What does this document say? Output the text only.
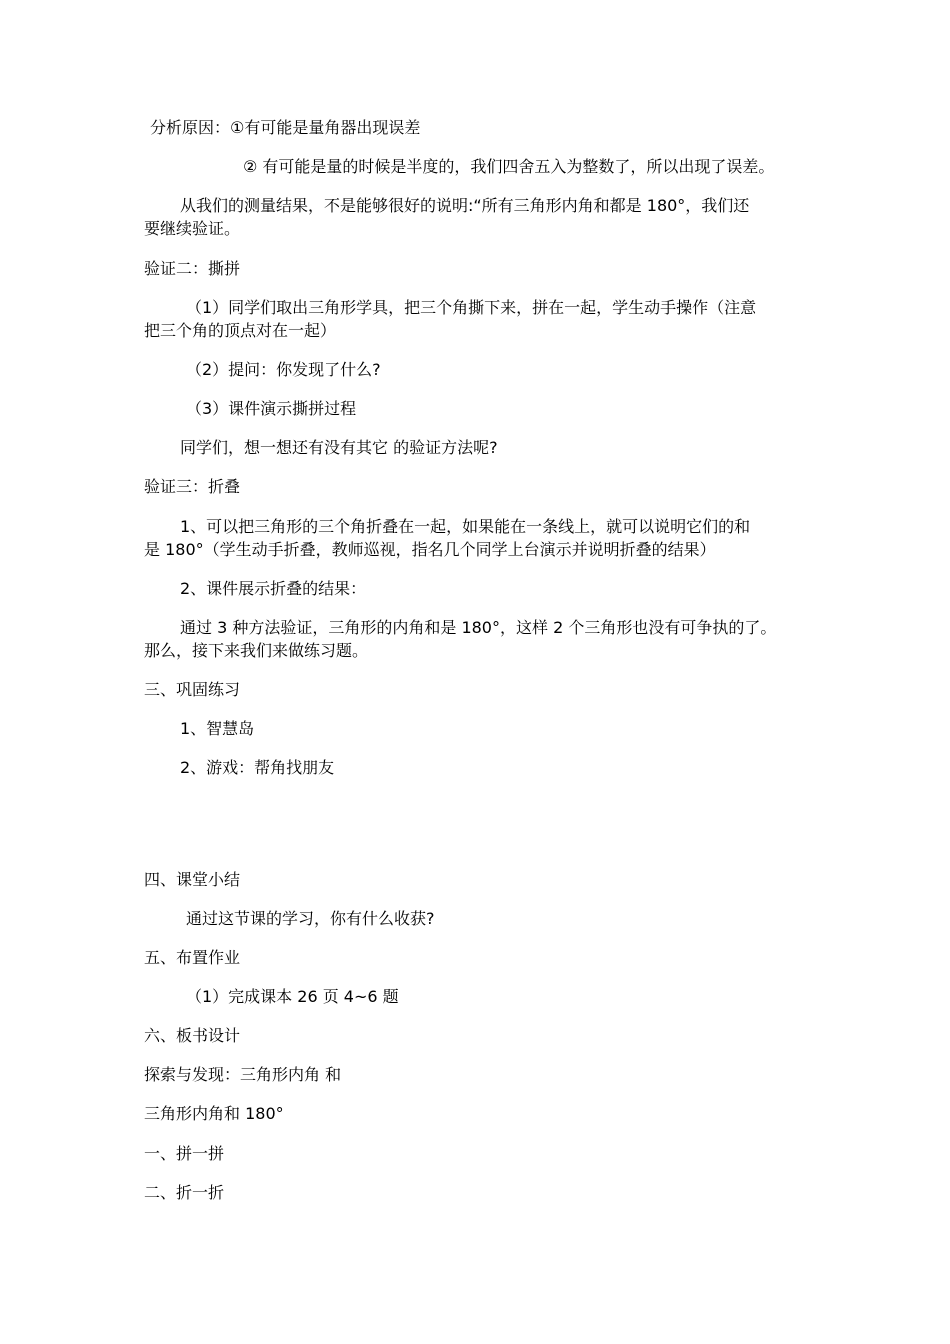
分析原因：①有可能是量角器出现误差

② 有可能是量的时候是半度的，我们四舍五入为整数了，所以出现了误差。

从我们的测量结果，不是能够很好的说明:“所有三角形内角和都是 180°，我们还

要继续验证。

验证二：撕拼

（1）同学们取出三角形学具，把三个角撕下来，拼在一起，学生动手操作（注意

把三个角的顶点对在一起）

（2）提问：你发现了什么?

（3）课件演示撕拼过程

同学们，想一想还有没有其它 的验证方法呢?

验证三：折叠

1、可以把三角形的三个角折叠在一起，如果能在一条线上，就可以说明它们的和

是 180°（学生动手折叠，教师巡视，指名几个同学上台演示并说明折叠的结果）

2、课件展示折叠的结果：

通过 3 种方法验证，三角形的内角和是 180°，这样 2 个三角形也没有可争执的了。

那么，接下来我们来做练习题。

三、巩固练习

1、智慧岛

2、游戏：帮角找朋友

四、课堂小结

通过这节课的学习，你有什么收获?

五、布置作业

（1）完成课本 26 页 4~6 题

六、板书设计

探索与发现：三角形内角 和

三角形内角和 180°

一、拼一拼

二、折一折
